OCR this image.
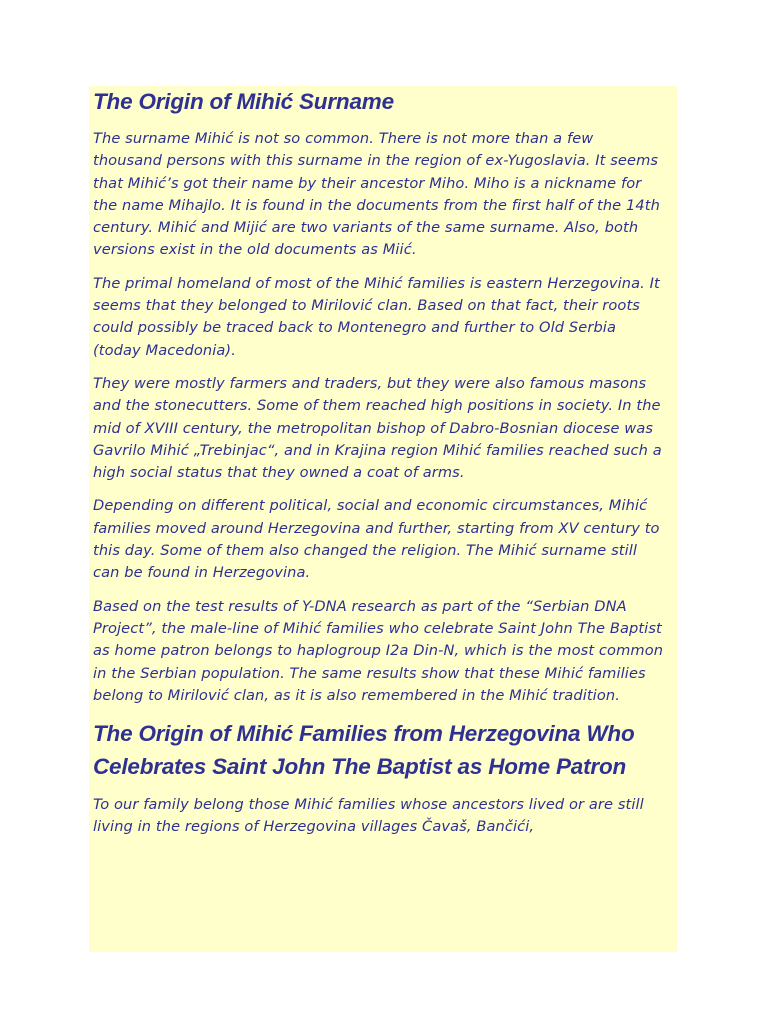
The Origin of Mihić Surname

The surname Mihić is not so common. There is not more than a few thousand persons with this surname in the region of ex-Yugoslavia. It seems that Mihić’s got their name by their ancestor Miho. Miho is a nickname for the name Mihajlo. It is found in the documents from the first half of the 14th century. Mihić and Mijić are two variants of the same surname. Also, both versions exist in the old documents as Miić.

The primal homeland of most of the Mihić families is eastern Herzegovina. It seems that they belonged to Mirilović clan. Based on that fact, their roots could possibly be traced back to Montenegro and further to Old Serbia (today Macedonia).

They were mostly farmers and traders, but they were also famous masons and the stonecutters. Some of them reached high positions in society. In the mid of XVIII century, the metropolitan bishop of Dabro-Bosnian diocese was Gavrilo Mihić „Trebinjac“, and in Krajina region Mihić families reached such a high social status that they owned a coat of arms.

Depending on different political, social and economic circumstances, Mihić families moved around Herzegovina and further, starting from XV century to this day. Some of them also changed the religion. The Mihić surname still can be found in Herzegovina.

Based on the test results of Y-DNA research as part of the “Serbian DNA Project”, the male-line of Mihić families who celebrate Saint John The Baptist as home patron belongs to haplogroup I2a Din-N, which is the most common in the Serbian population. The same results show that these Mihić families belong to Mirilović clan, as it is also remembered in the Mihić tradition.

The Origin of Mihić Families from Herzegovina Who Celebrates Saint John The Baptist as Home Patron

To our family belong those Mihić families whose ancestors lived or are still living in the regions of Herzegovina villages Čavaš, Bančići,
